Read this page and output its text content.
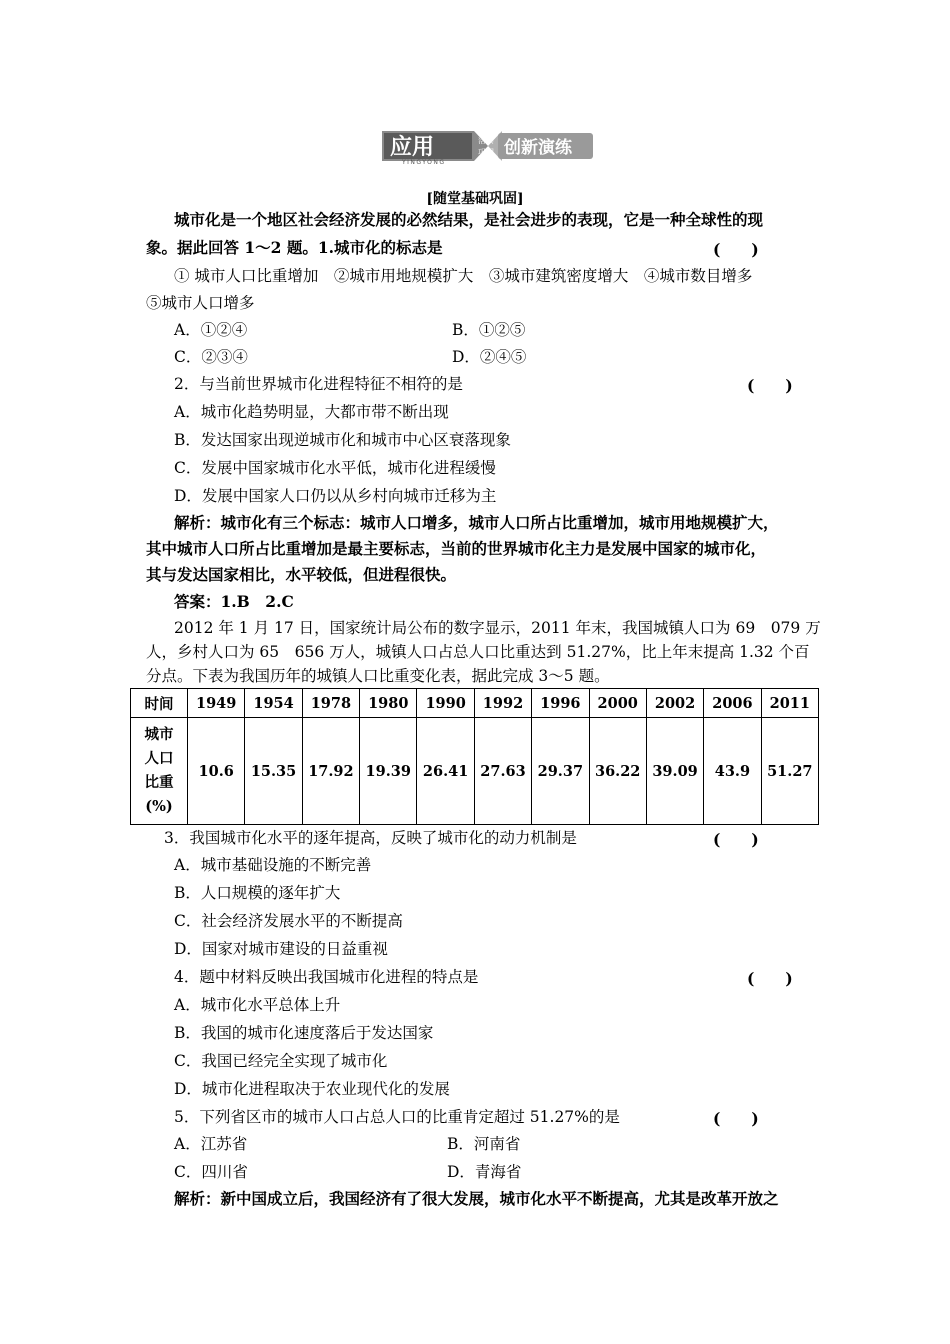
应用	落实
巩固 创新演练
YINGYONG
[随堂基础巩固]
城市化是一个地区社会经济发展的必然结果，是社会进步的表现，它是一种全球性的现
象。据此回答 1～2 题。1.城市化的标志是	(　　)
① 城市人口比重增加　②城市用地规模扩大　③城市建筑密度增大　④城市数目增多
⑤城市人口增多
A．①②④	B．①②⑤
C．②③④	D．②④⑤
2．与当前世界城市化进程特征不相符的是	(　　)
A．城市化趋势明显，大都市带不断出现
B．发达国家出现逆城市化和城市中心区衰落现象
C．发展中国家城市化水平低，城市化进程缓慢
D．发展中国家人口仍以从乡村向城市迁移为主
解析：城市化有三个标志：城市人口增多，城市人口所占比重增加，城市用地规模扩大，
其中城市人口所占比重增加是最主要标志，当前的世界城市化主力是发展中国家的城市化，
其与发达国家相比，水平较低，但进程很快。
答案：1.B　2.C
2012 年 1 月 17 日，国家统计局公布的数字显示，2011 年末，我国城镇人口为 69　079 万
人，乡村人口为 65　656 万人，城镇人口占总人口比重达到 51.27%，比上年末提高 1.32 个百
分点。下表为我国历年的城镇人口比重变化表，据此完成 3～5 题。
时间	1949	1954	1978	1980	1990	1992	1996	2000	2002	2006	2011

城市
人口
比重
(%)	10.6	15.35	17.92	19.39	26.41	27.63	29.37	36.22	39.09	43.9	51.27
3．我国城市化水平的逐年提高，反映了城市化的动力机制是	(　　)
A．城市基础设施的不断完善
B．人口规模的逐年扩大
C．社会经济发展水平的不断提高
D．国家对城市建设的日益重视
4．题中材料反映出我国城市化进程的特点是	(　　)
A．城市化水平总体上升
B．我国的城市化速度落后于发达国家
C．我国已经完全实现了城市化
D．城市化进程取决于农业现代化的发展
5．下列省区市的城市人口占总人口的比重肯定超过 51.27%的是	(　　)
A．江苏省	B．河南省
C．四川省	D．青海省
解析：新中国成立后，我国经济有了很大发展，城市化水平不断提高，尤其是改革开放之
